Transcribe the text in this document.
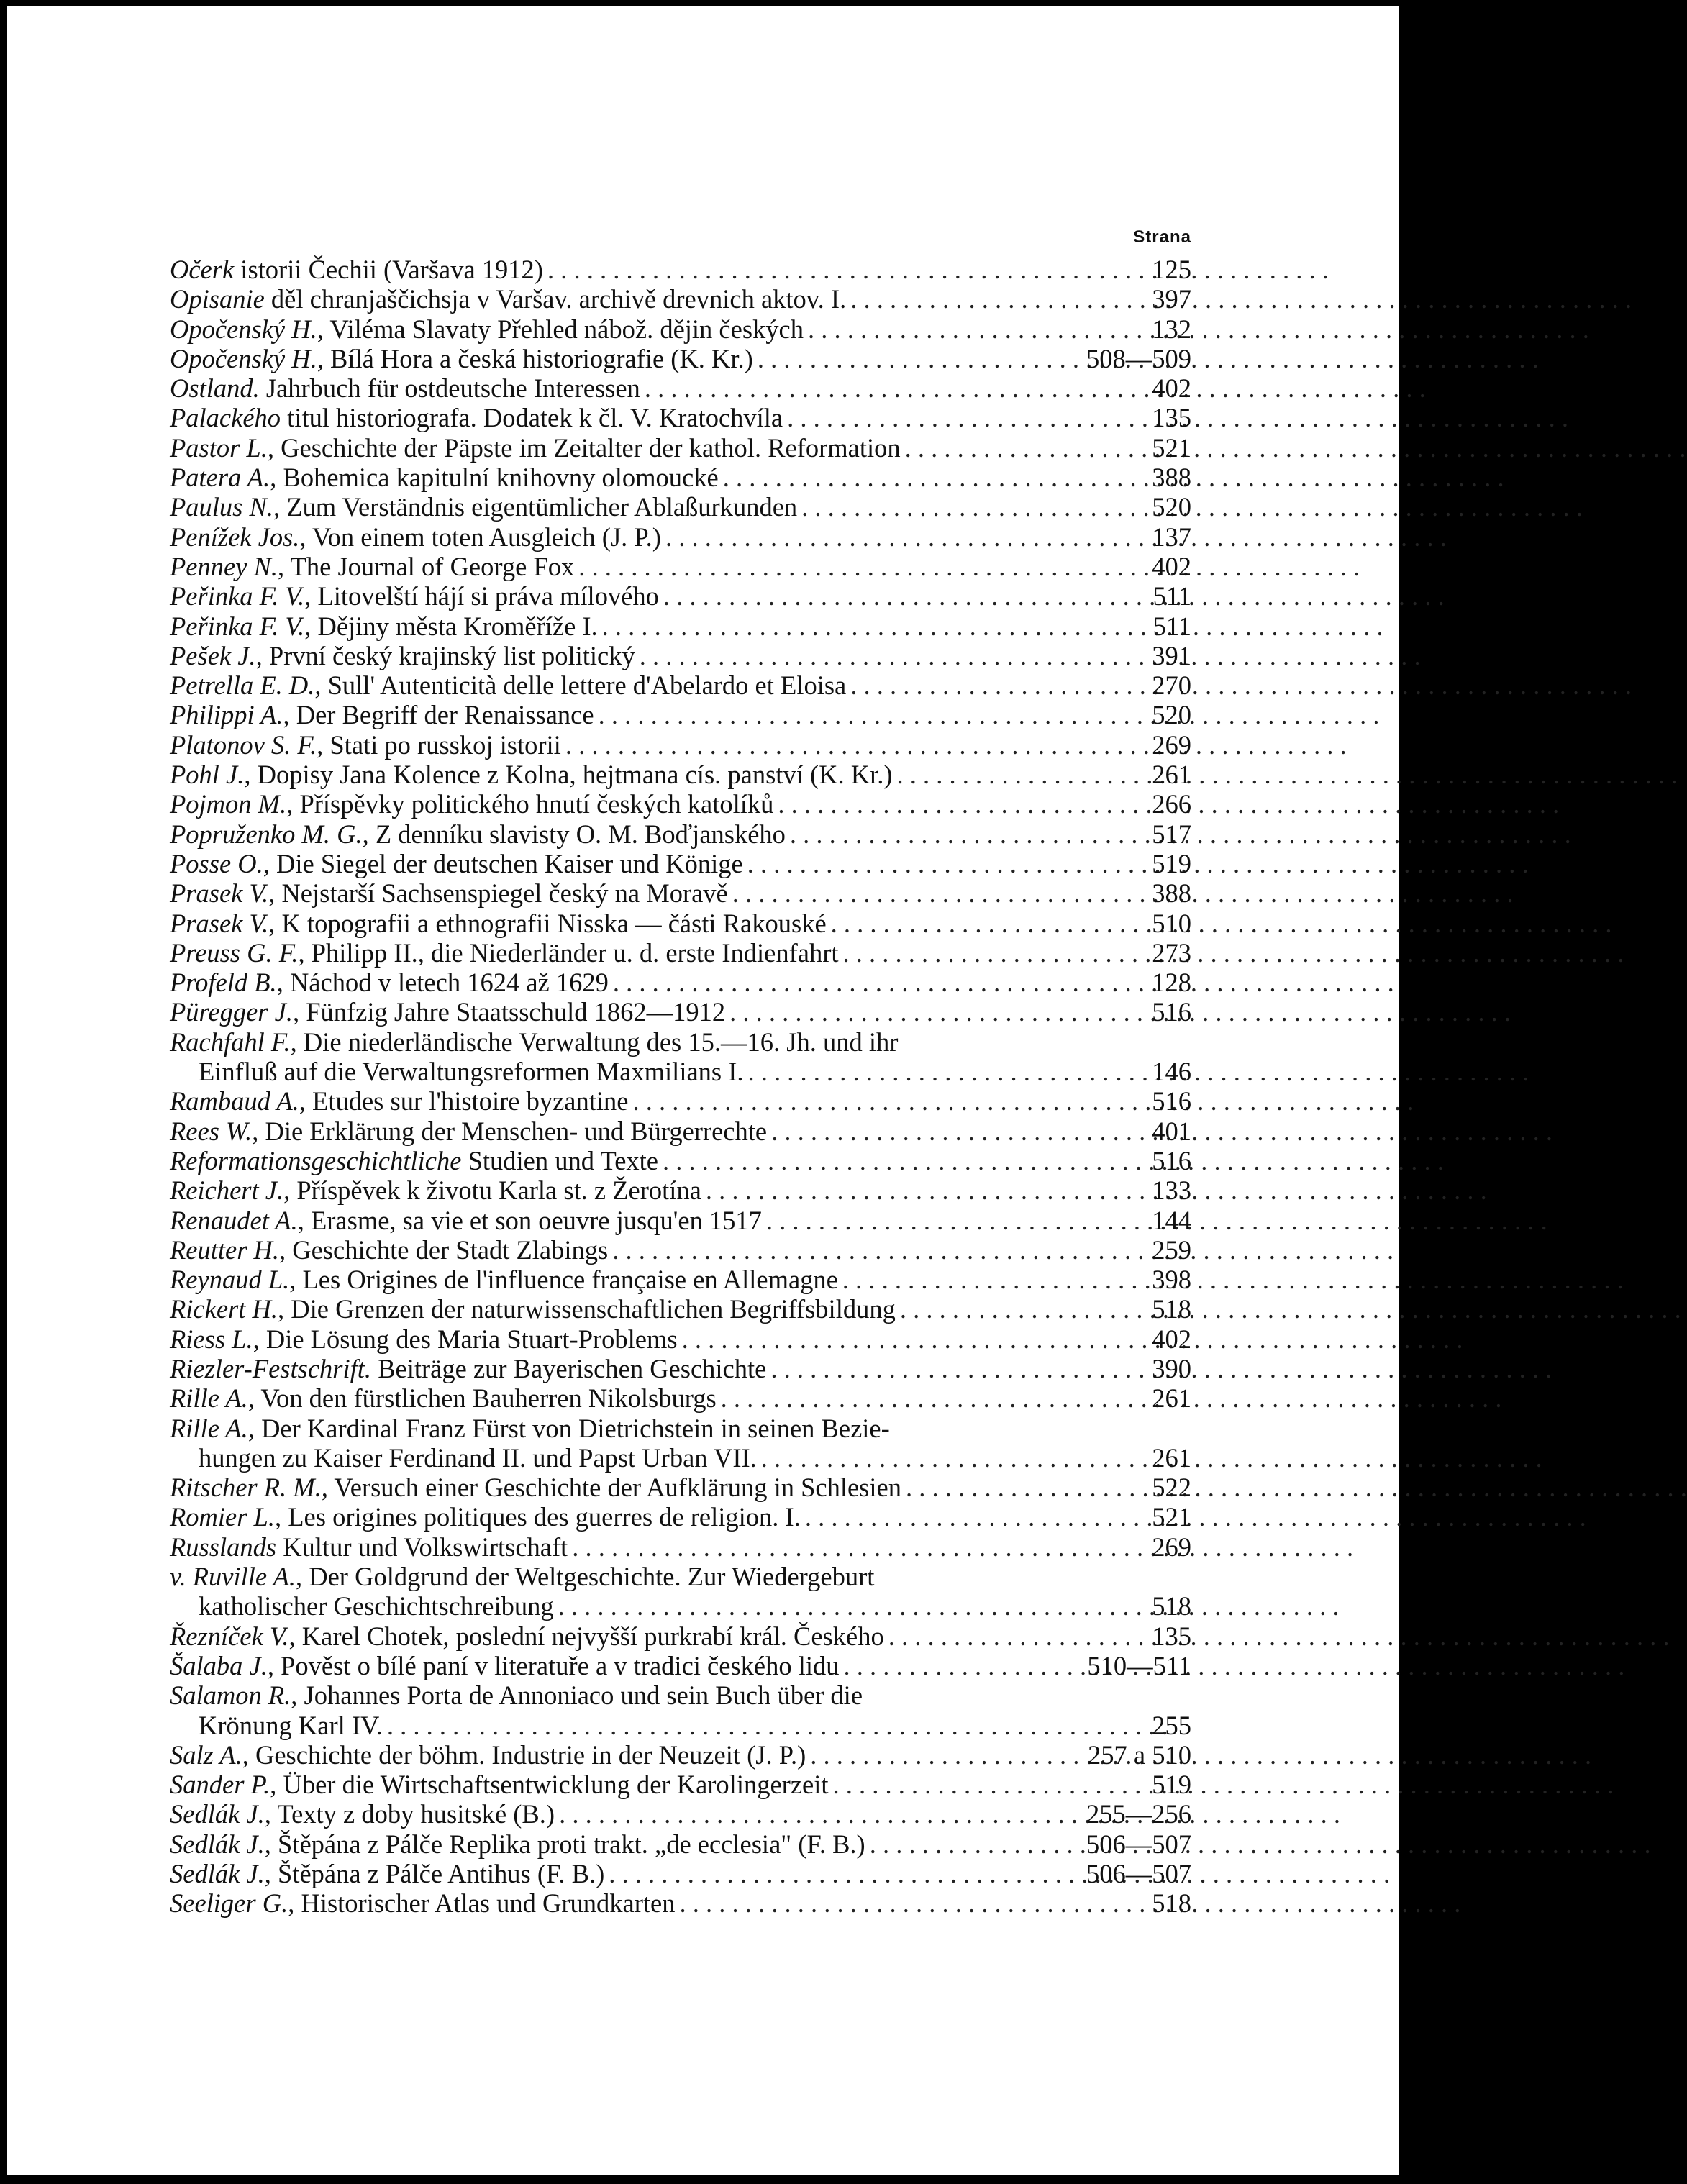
Strana
Očerk istorii Čechii (Varšava 1912) . . .	125
Opisanie děl chranjaščichsja v Varšav. archivě drevnich aktov. I. . . .	397
Opočenský H., Viléma Slavaty Přehled nábož. dějin českých . . .	132
Opočenský H., Bílá Hora a česká historiografie (K. Kr.) . . .	508—509
Ostland. Jahrbuch für ostdeutsche Interessen . . .	402
Palackého titul historiografa. Dodatek k čl. V. Kratochvíla . . .	135
Pastor L., Geschichte der Päpste im Zeitalter der kathol. Reformation . . .	521
Patera A., Bohemica kapitulní knihovny olomoucké . . .	388
Paulus N., Zum Verständnis eigentümlicher Ablaßurkunden . . .	520
Penížek Jos., Von einem toten Ausgleich (J. P.) . . .	137
Penney N., The Journal of George Fox . . .	402
Peřinka F. V., Litovelští hájí si práva mílového . . .	511
Peřinka F. V., Dějiny města Kroměříže I. . . .	511
Pešek J., První český krajinský list politický . . .	391
Petrella E. D., Sull' Autenticità delle lettere d'Abelardo et Eloisa . . .	270
Philippi A., Der Begriff der Renaissance . . .	520
Platonov S. F., Stati po russkoj istorii . . .	269
Pohl J., Dopisy Jana Kolence z Kolna, hejtmana cís. panství (K. Kr.) . . .	261
Pojmon M., Příspěvky politického hnutí českých katolíků . . .	266
Popruženko M. G., Z denníku slavisty O. M. Boďjanského . . .	517
Posse O., Die Siegel der deutschen Kaiser und Könige . . .	519
Prasek V., Nejstarší Sachsenspiegel český na Moravě . . .	388
Prasek V., K topografii a ethnografii Nisska — části Rakouské . . .	510
Preuss G. F., Philipp II., die Niederländer u. d. erste Indienfahrt . . .	273
Profeld B., Náchod v letech 1624 až 1629 . . .	128
Püregger J., Fünfzig Jahre Staatsschuld 1862—1912 . . .	516
Rachfahl F., Die niederländische Verwaltung des 15.—16. Jh. und ihr
Einfluß auf die Verwaltungsreformen Maxmilians I. . . .	146
Rambaud A., Etudes sur l'histoire byzantine . . .	516
Rees W., Die Erklärung der Menschen- und Bürgerrechte . . .	401
Reformationsgeschichtliche Studien und Texte . . .	516
Reichert J., Příspěvek k životu Karla st. z Žerotína . . .	133
Renaudet A., Erasme, sa vie et son oeuvre jusqu'en 1517 . . .	144
Reutter H., Geschichte der Stadt Zlabings . . .	259
Reynaud L., Les Origines de l'influence française en Allemagne . . .	398
Rickert H., Die Grenzen der naturwissenschaftlichen Begriffsbildung . . .	518
Riess L., Die Lösung des Maria Stuart-Problems . . .	402
Riezler-Festschrift. Beiträge zur Bayerischen Geschichte . . .	390
Rille A., Von den fürstlichen Bauherren Nikolsburgs . . .	261
Rille A., Der Kardinal Franz Fürst von Dietrichstein in seinen Bezie-
hungen zu Kaiser Ferdinand II. und Papst Urban VII. . . .	261
Ritscher R. M., Versuch einer Geschichte der Aufklärung in Schlesien . . .	522
Romier L., Les origines politiques des guerres de religion. I. . . .	521
Russlands Kultur und Volkswirtschaft . . .	269
v. Ruville A., Der Goldgrund der Weltgeschichte. Zur Wiedergeburt
katholischer Geschichtschreibung . . .	518
Řezníček V., Karel Chotek, poslední nejvyšší purkrabí král. Českého . . .	135
Šalaba J., Pověst o bílé paní v literatuře a v tradici českého lidu . . .	510—511
Salamon R., Johannes Porta de Annoniaco und sein Buch über die
Krönung Karl IV. . . .	255
Salz A., Geschichte der böhm. Industrie in der Neuzeit (J. P.) . . .	257 a 510
Sander P., Über die Wirtschaftsentwicklung der Karolingerzeit . . .	519
Sedlák J., Texty z doby husitské (B.) . . .	255—256
Sedlák J., Štěpána z Pálče Replika proti trakt. „de ecclesia" (F. B.) . . .	506—507
Sedlák J., Štěpána z Pálče Antihus (F. B.) . . .	506—507
Seeliger G., Historischer Atlas und Grundkarten . . .	518
